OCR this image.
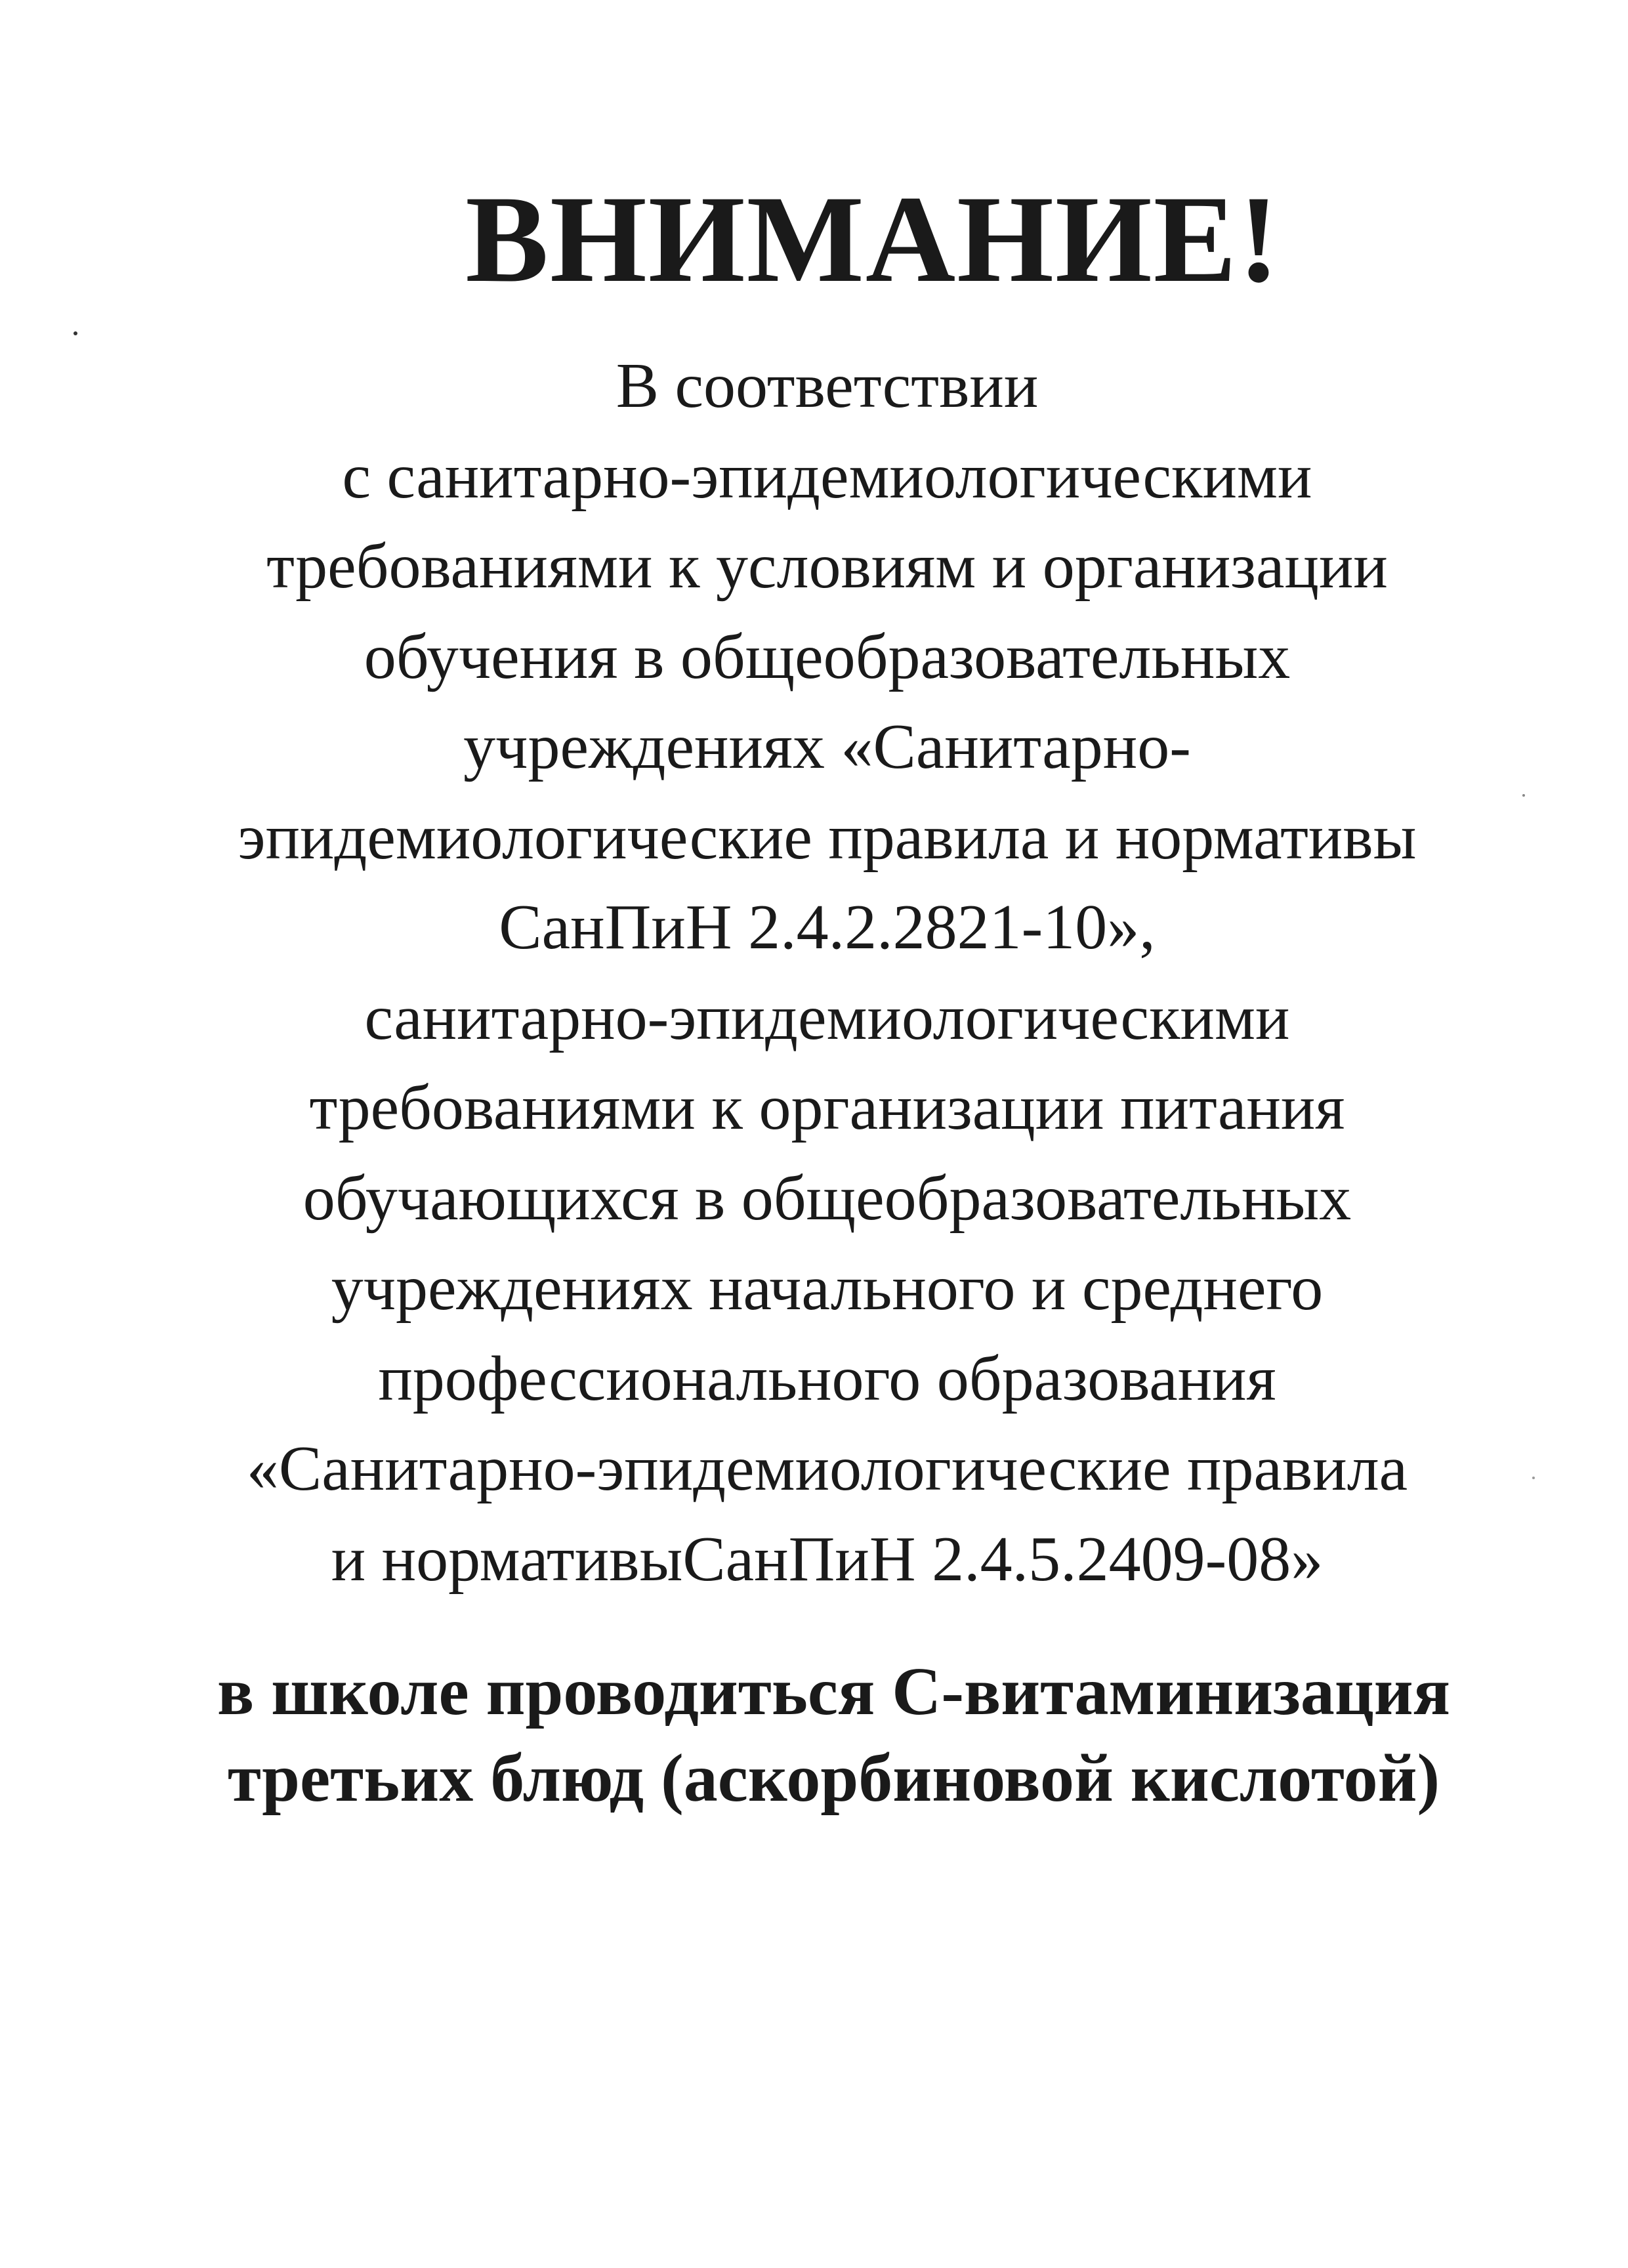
ВНИМАНИЕ!
В соответствии
с санитарно-эпидемиологическими
требованиями к условиям и организации
обучения в общеобразовательных
учреждениях «Санитарно-
эпидемиологические правила и нормативы
СанПиН 2.4.2.2821-10»,
санитарно-эпидемиологическими
требованиями к организации питания
обучающихся в общеобразовательных
учреждениях начального и среднего
профессионального образования
«Санитарно-эпидемиологические правила
и нормативыСанПиН 2.4.5.2409-08»
в школе проводиться С-витаминизация
третьих блюд (аскорбиновой кислотой)
